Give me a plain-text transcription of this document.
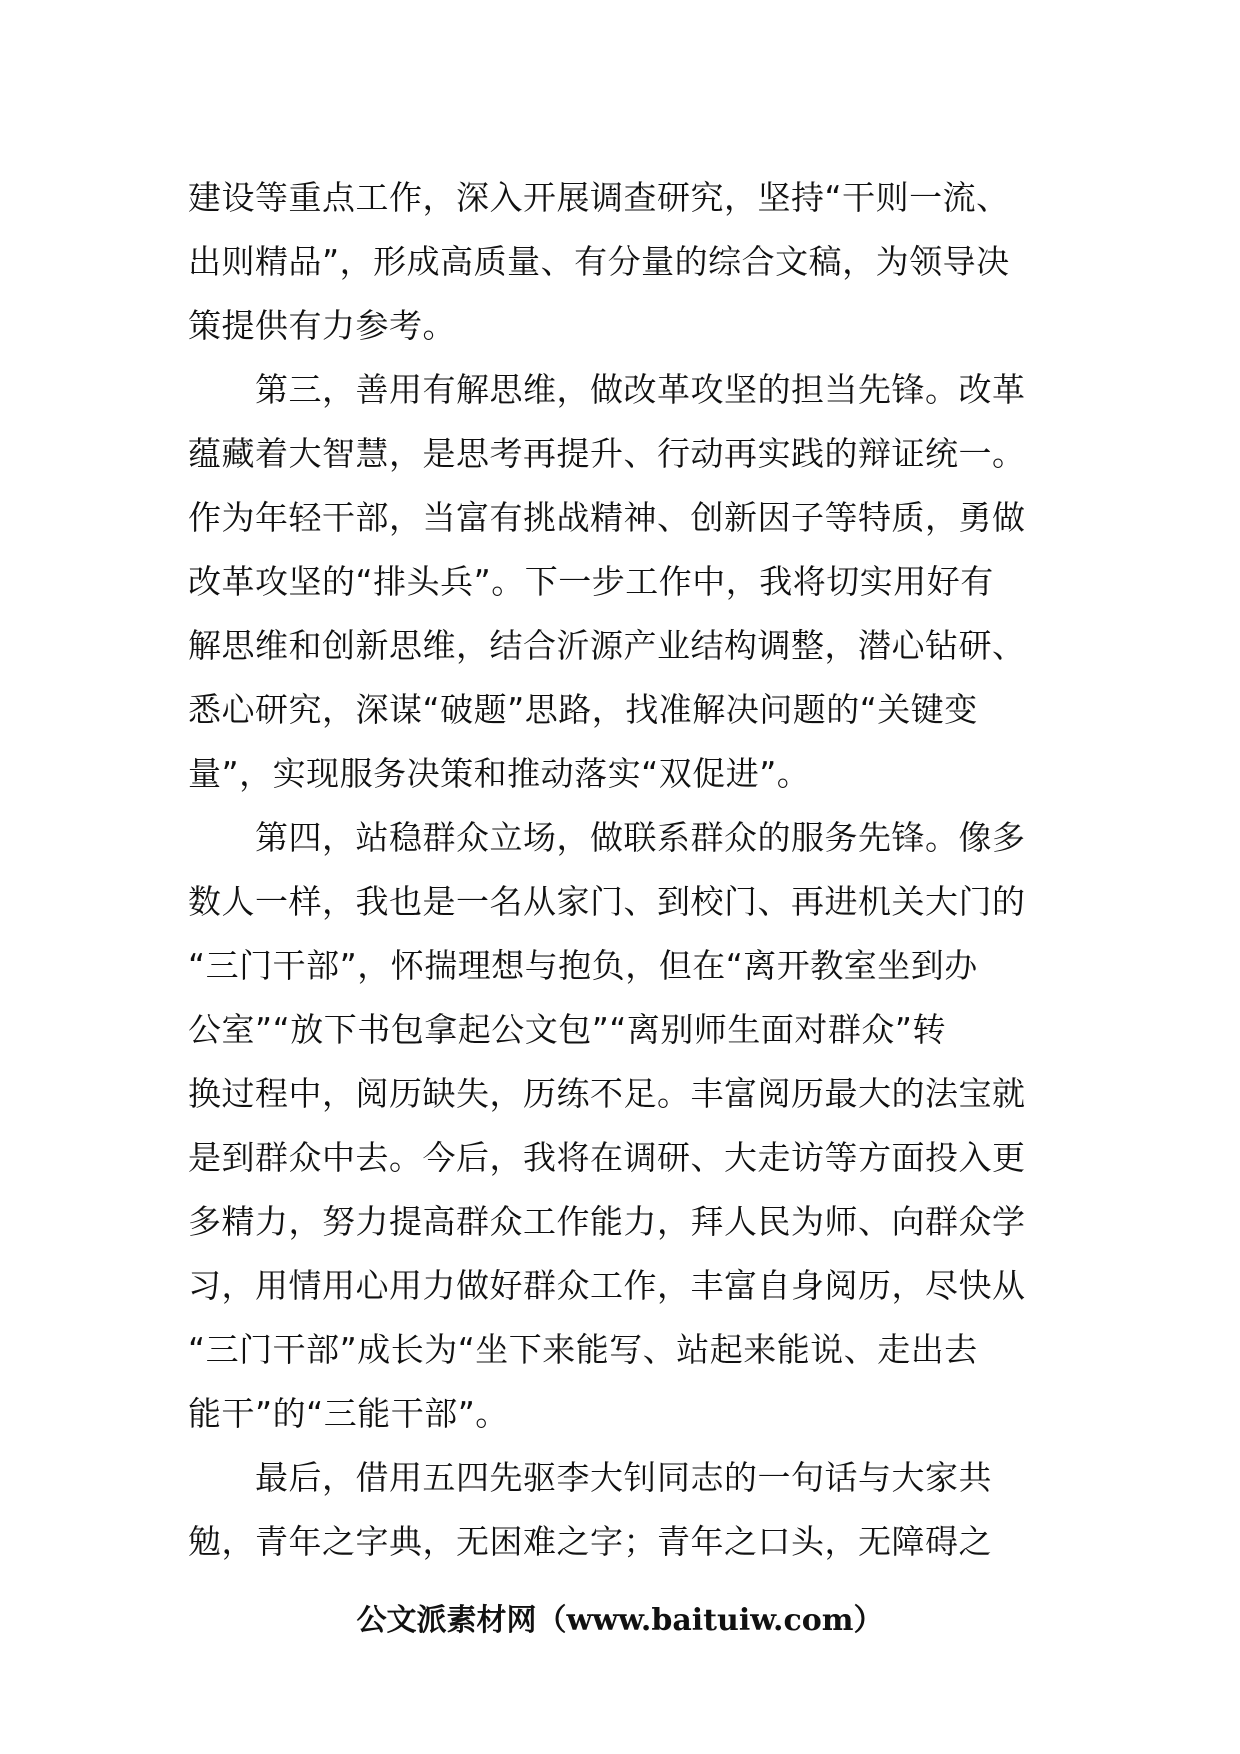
建设等重点工作，深入开展调查研究，坚持“干则一流、
出则精品”，形成高质量、有分量的综合文稿，为领导决
策提供有力参考。
　　第三，善用有解思维，做改革攻坚的担当先锋。改革
蕴藏着大智慧，是思考再提升、行动再实践的辩证统一。
作为年轻干部，当富有挑战精神、创新因子等特质，勇做
改革攻坚的“排头兵”。下一步工作中，我将切实用好有
解思维和创新思维，结合沂源产业结构调整，潜心钻研、
悉心研究，深谋“破题”思路，找准解决问题的“关键变
量”，实现服务决策和推动落实“双促进”。
　　第四，站稳群众立场，做联系群众的服务先锋。像多
数人一样，我也是一名从家门、到校门、再进机关大门的
“三门干部”，怀揣理想与抱负，但在“离开教室坐到办
公室”“放下书包拿起公文包”“离别师生面对群众”转
换过程中，阅历缺失，历练不足。丰富阅历最大的法宝就
是到群众中去。今后，我将在调研、大走访等方面投入更
多精力，努力提高群众工作能力，拜人民为师、向群众学
习，用情用心用力做好群众工作，丰富自身阅历，尽快从
“三门干部”成长为“坐下来能写、站起来能说、走出去
能干”的“三能干部”。
　　最后，借用五四先驱李大钊同志的一句话与大家共
勉，青年之字典，无困难之字；青年之口头，无障碍之
公文派素材网（www.baituiw.com）
